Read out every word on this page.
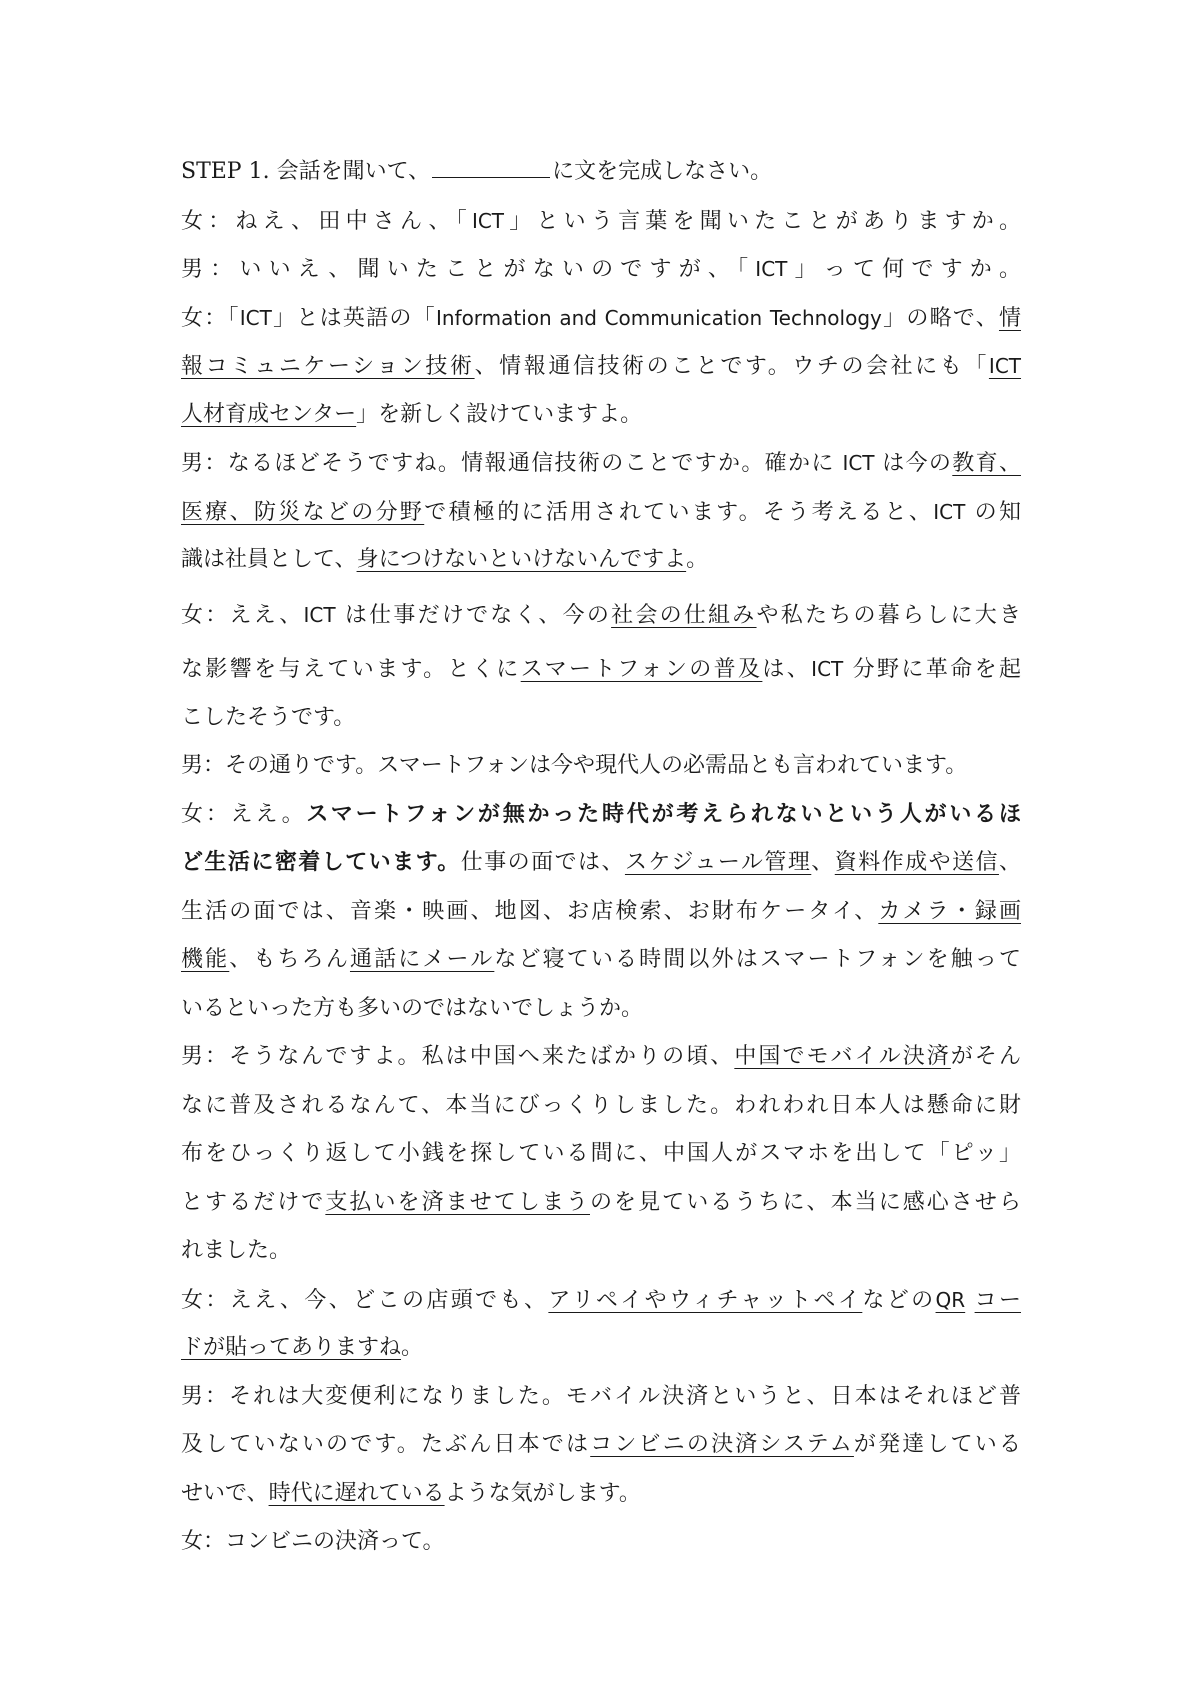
STEP 1. 会話を聞いて、	に文を完成しなさい。
女：ねえ、田中さん、「ICT」という言葉を聞いたことがありますか。
男：いいえ、聞いたことがないのですが、「ICT」って何ですか。
女：「ICT」とは英語の「Information and Communication Technology」の略で、情
報コミュニケーション技術、情報通信技術のことです。ウチの会社にも「ICT
人材育成センター」を新しく設けていますよ。
男：なるほどそうですね。情報通信技術のことですか。確かに ICT は今の教育、
医療、防災などの分野で積極的に活用されています。そう考えると、ICT の知
識は社員として、身につけないといけないんですよ。
女：ええ、ICT は仕事だけでなく、今の社会の仕組みや私たちの暮らしに大き
な影響を与えています。とくにスマートフォンの普及は、ICT 分野に革命を起
こしたそうです。
男：その通りです。スマートフォンは今や現代人の必需品とも言われています。
女：ええ。スマートフォンが無かった時代が考えられないという人がいるほ
ど生活に密着しています。仕事の面では、スケジュール管理、資料作成や送信、
生活の面では、音楽・映画、地図、お店検索、お財布ケータイ、カメラ・録画
機能、もちろん通話にメールなど寝ている時間以外はスマートフォンを触って
いるといった方も多いのではないでしょうか。
男：そうなんですよ。私は中国へ来たばかりの頃、中国でモバイル決済がそん
なに普及されるなんて、本当にびっくりしました。われわれ日本人は懸命に財
布をひっくり返して小銭を探している間に、中国人がスマホを出して「ピッ」
とするだけで支払いを済ませてしまうのを見ているうちに、本当に感心させら
れました。
女：ええ、今、どこの店頭でも、アリペイやウィチャットペイなどのQR コー
ドが貼ってありますね。
男：それは大変便利になりました。モバイル決済というと、日本はそれほど普
及していないのです。たぶん日本ではコンビニの決済システムが発達している
せいで、時代に遅れているような気がします。
女：コンビニの決済って。
